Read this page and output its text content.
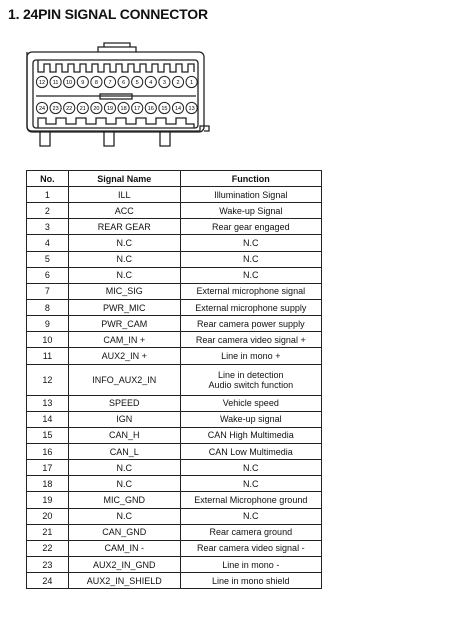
1. 24PIN SIGNAL CONNECTOR
12 11 10 9 8 7 6 5 4 3 2 1
24 23 22 21 20 19 18 17 16 15 14 13
No.	Signal Name	Function
1	ILL	Illumination Signal

2	ACC	Wake-up Signal

3	REAR GEAR	Rear gear engaged

4	N.C	N.C

5	N.C	N.C

6	N.C	N.C

7	MIC_SIG	External microphone signal

8	PWR_MIC	External microphone supply

9	PWR_CAM	Rear camera power supply

10	CAM_IN +	Rear camera video signal +

11	AUX2_IN +	Line in mono +

12	INFO_AUX2_IN	Line in detection
Audio switch function

13	SPEED	Vehicle speed

14	IGN	Wake-up signal

15	CAN_H	CAN High Multimedia

16	CAN_L	CAN Low Multimedia

17	N.C	N.C

18	N.C	N.C

19	MIC_GND	External Microphone ground

20	N.C	N.C

21	CAN_GND	Rear camera ground

22	CAM_IN -	Rear camera video signal -

23	AUX2_IN_GND	Line in mono -

24	AUX2_IN_SHIELD	Line in mono shield
